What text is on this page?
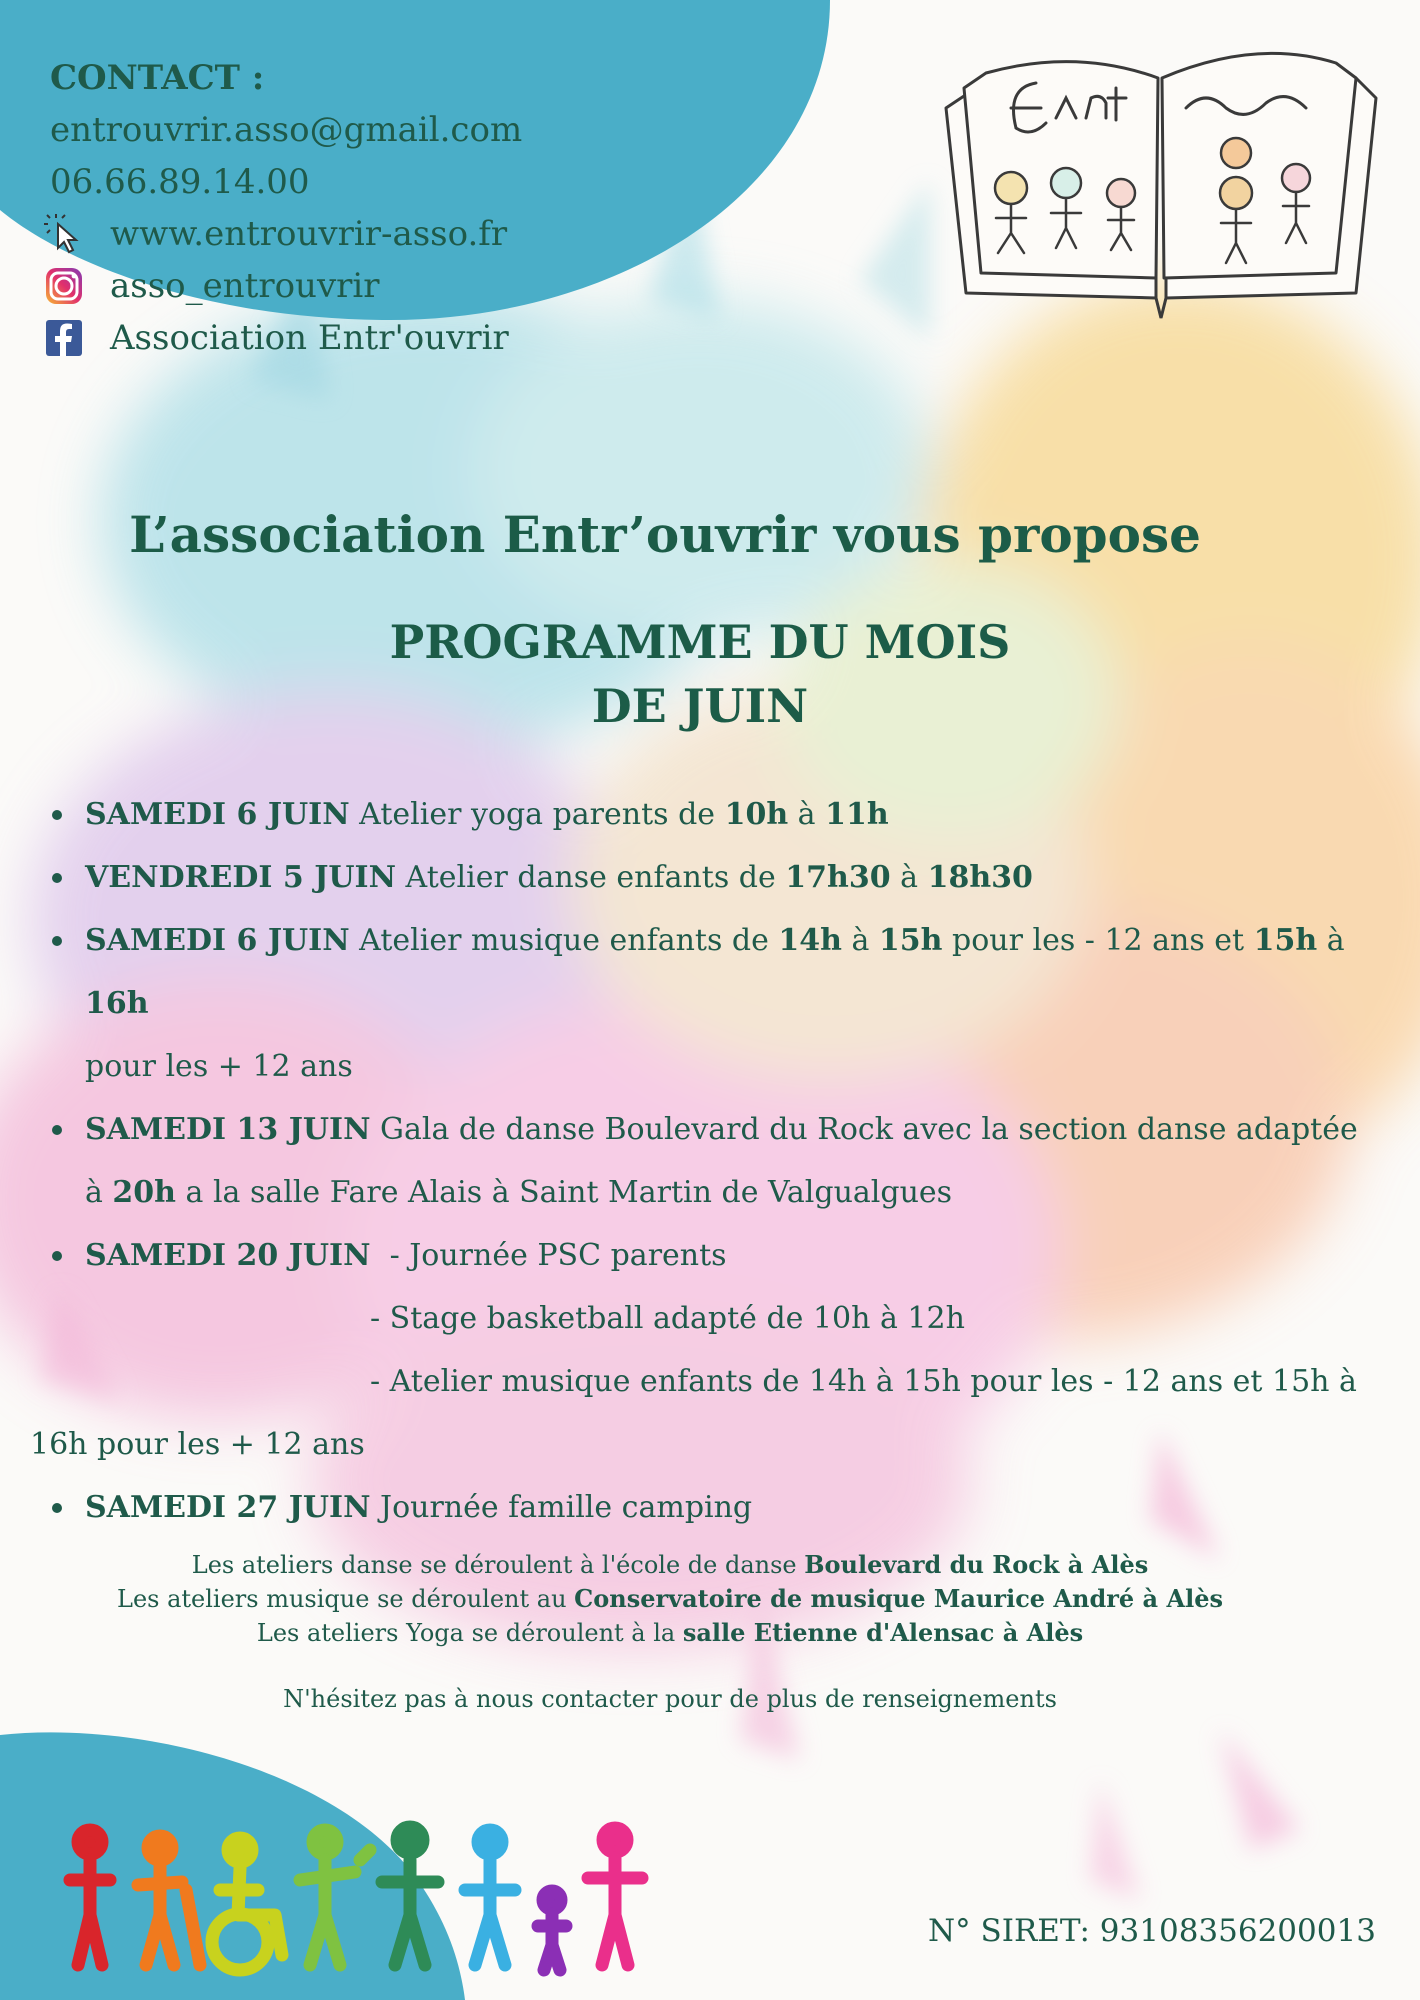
CONTACT :
entrouvrir.asso@gmail.com
06.66.89.14.00
www.entrouvrir-asso.fr
asso_entrouvrir
Association Entr'ouvrir
L’association Entr’ouvrir vous propose
PROGRAMME DU MOIS
DE JUIN
SAMEDI 6 JUIN Atelier yoga parents de 10h à 11h
VENDREDI 5 JUIN Atelier danse enfants de 17h30 à 18h30
SAMEDI 6 JUIN Atelier musique enfants de 14h à 15h pour les - 12 ans et 15h à 16h
pour les + 12 ans
SAMEDI 13 JUIN Gala de danse Boulevard du Rock avec la section danse adaptée
à 20h a la salle Fare Alais à Saint Martin de Valgualgues
SAMEDI 20 JUIN  - Journée PSC parents
- Stage basketball adapté de 10h à 12h
- Atelier musique enfants de 14h à 15h pour les - 12 ans et 15h à
16h pour les + 12 ans
SAMEDI 27 JUIN Journée famille camping
Les ateliers danse se déroulent à l'école de danse Boulevard du Rock à Alès
Les ateliers musique se déroulent au Conservatoire de musique Maurice André à Alès
Les ateliers Yoga se déroulent à la salle Etienne d'Alensac à Alès
N'hésitez pas à nous contacter pour de plus de renseignements
N° SIRET: 93108356200013
